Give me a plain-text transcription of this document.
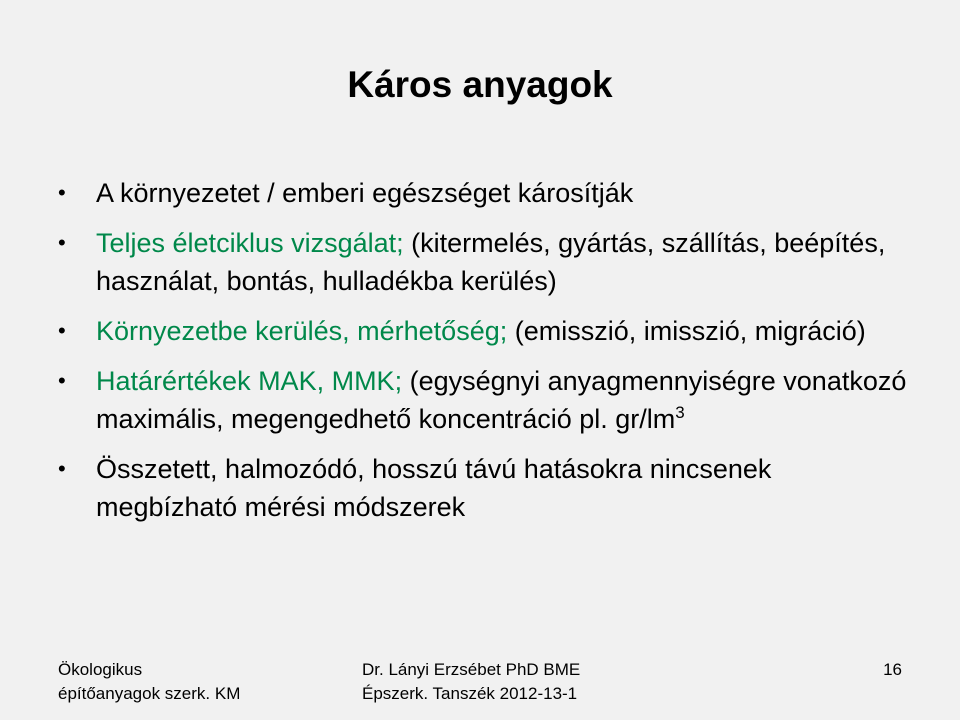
Káros anyagok
• A környezetet / emberi egészséget károsítják
• Teljes életciklus vizsgálat; (kitermelés, gyártás, szállítás, beépítés, használat, bontás, hulladékba kerülés)
• Környezetbe kerülés, mérhetőség; (emisszió, imisszió, migráció)
• Határértékek MAK, MMK; (egységnyi anyagmennyiségre vonatkozó maximális, megengedhető koncentráció pl. $gr/lm^3$
• Összetett, halmozódó, hosszú távú hatásokra nincsenek megbízható mérési módszerek
Ökologikus
építőanyagok szerk. KM
Dr. Lányi Erzsébet PhD BME
Épszerk. Tanszék 2012-13-1
16
